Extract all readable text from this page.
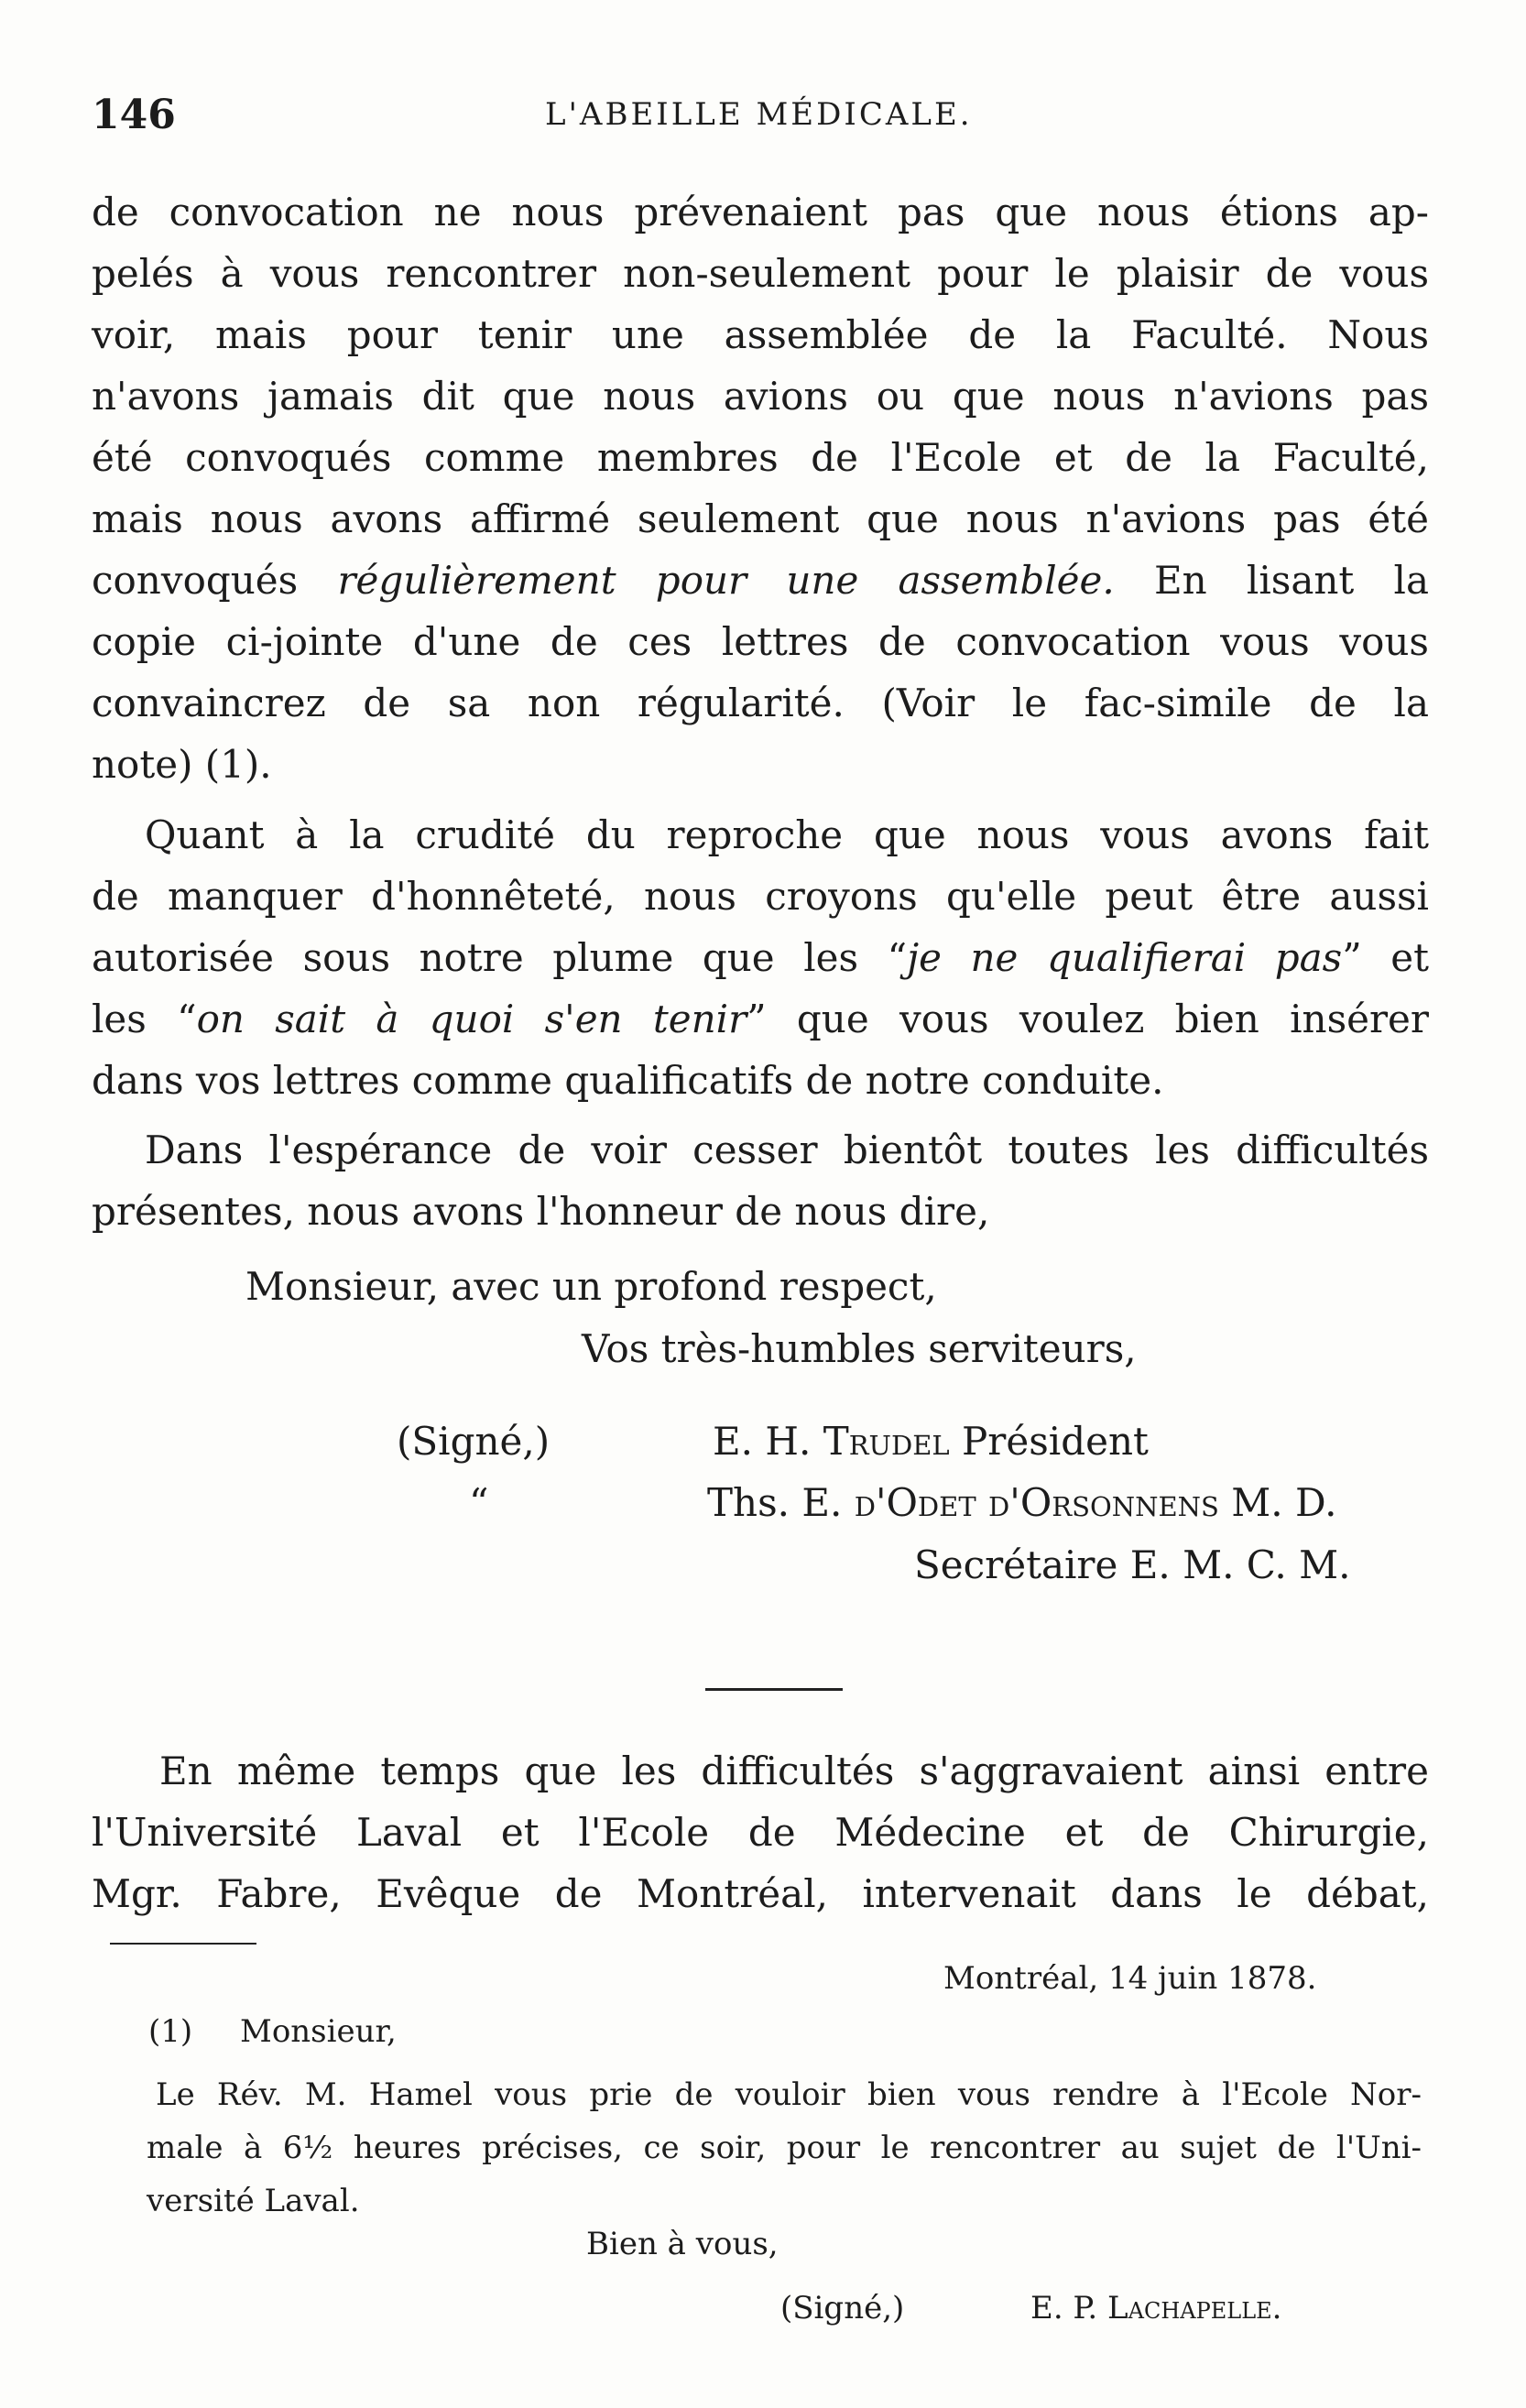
146	L'ABEILLE MÉDICALE.
de convocation ne nous prévenaient pas que nous étions ap-
pelés à vous rencontrer non-seulement pour le plaisir de vous
voir, mais pour tenir une assemblée de la Faculté. Nous
n'avons jamais dit que nous avions ou que nous n'avions pas
été convoqués comme membres de l'Ecole et de la Faculté,
mais nous avons affirmé seulement que nous n'avions pas été
convoqués régulièrement pour une assemblée. En lisant la
copie ci-jointe d'une de ces lettres de convocation vous vous
convaincrez de sa non régularité. (Voir le fac-simile de la
note) (1).
Quant à la crudité du reproche que nous vous avons fait
de manquer d'honnêteté, nous croyons qu'elle peut être aussi
autorisée sous notre plume que les “je ne qualifierai pas” et
les “on sait à quoi s'en tenir” que vous voulez bien insérer
dans vos lettres comme qualificatifs de notre conduite.
Dans l'espérance de voir cesser bientôt toutes les difficultés
présentes, nous avons l'honneur de nous dire,
Monsieur, avec un profond respect,
Vos très-humbles serviteurs,
(Signé,)	E. H. Trudel Président
“	Ths. E. d'Odet d'Orsonnens M. D.
Secrétaire E. M. C. M.
En même temps que les difficultés s'aggravaient ainsi entre
l'Université Laval et l'Ecole de Médecine et de Chirurgie,
Mgr. Fabre, Evêque de Montréal, intervenait dans le débat,
Montréal, 14 juin 1878.
(1) Monsieur,
Le Rév. M. Hamel vous prie de vouloir bien vous rendre à l'Ecole Nor-
male à 6½ heures précises, ce soir, pour le rencontrer au sujet de l'Uni-
versité Laval.
Bien à vous,
(Signé,)	E. P. Lachapelle.
